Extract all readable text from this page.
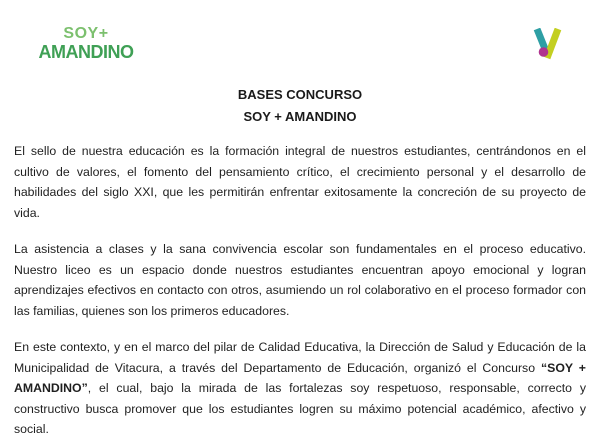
SOY+
AMANDINO
BASES CONCURSO
SOY + AMANDINO

El sello de nuestra educación es la formación integral de nuestros estudiantes, centrándonos en el cultivo de valores, el fomento del pensamiento crítico, el crecimiento personal y el desarrollo de habilidades del siglo XXI, que les permitirán enfrentar exitosamente la concreción de su proyecto de vida.

La asistencia a clases y la sana convivencia escolar son fundamentales en el proceso educativo. Nuestro liceo es un espacio donde nuestros estudiantes encuentran apoyo emocional y logran aprendizajes efectivos en contacto con otros, asumiendo un rol colaborativo en el proceso formador con las familias, quienes son los primeros educadores.

En este contexto, y en el marco del pilar de Calidad Educativa, la Dirección de Salud y Educación de la Municipalidad de Vitacura, a través del Departamento de Educación, organizó el Concurso “SOY + AMANDINO”, el cual, bajo la mirada de las fortalezas soy respetuoso, responsable, correcto y constructivo busca promover que los estudiantes logren su máximo potencial académico, afectivo y social.
